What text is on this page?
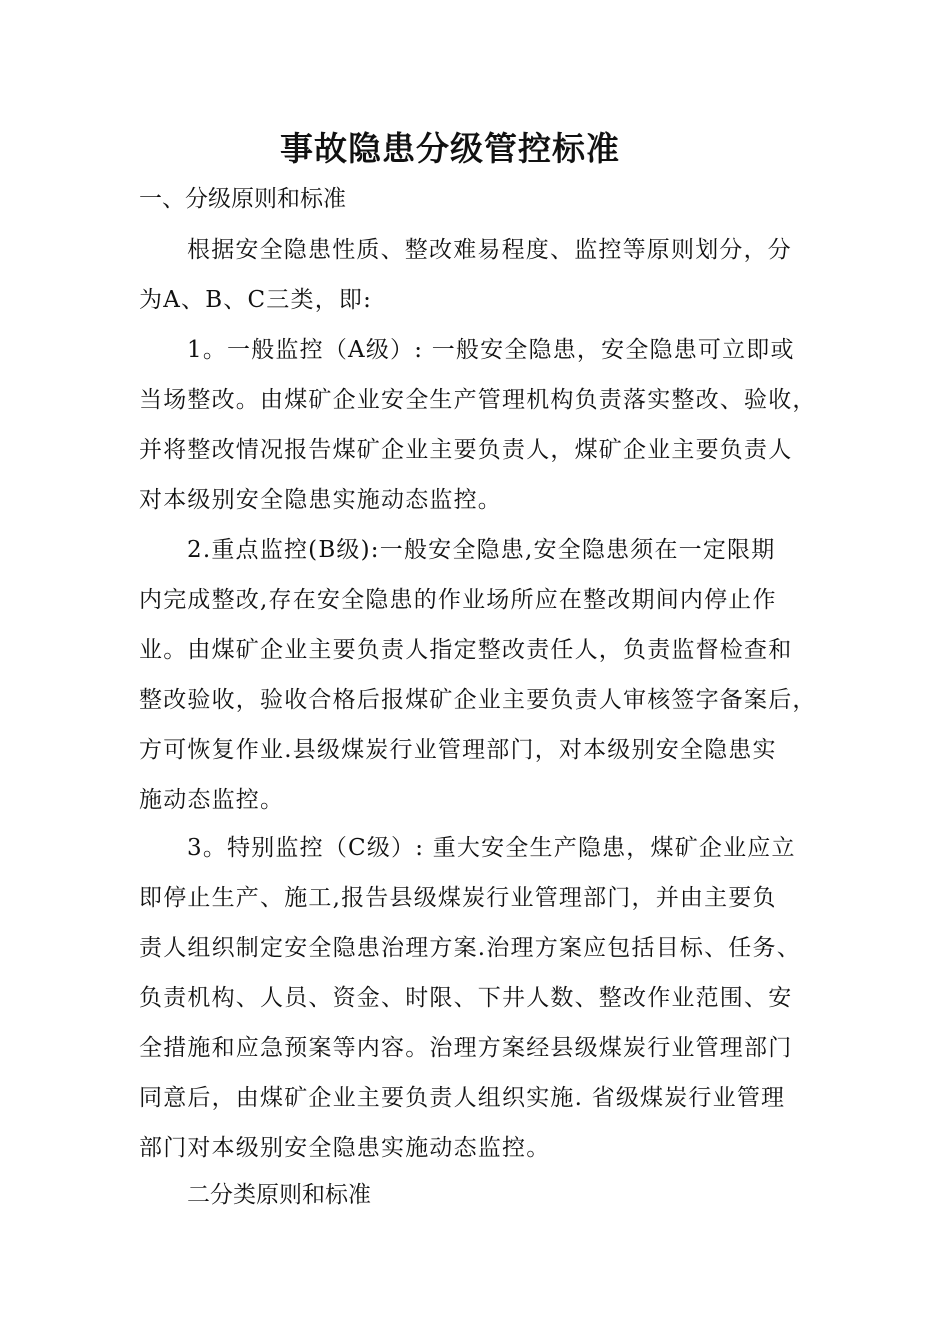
事故隐患分级管控标准

一、分级原则和标准

根据安全隐患性质、整改难易程度、监控等原则划分，分
为A、B、C三类，即:
1。一般监控（A级）: 一般安全隐患，安全隐患可立即或
当场整改。由煤矿企业安全生产管理机构负责落实整改、验收，
并将整改情况报告煤矿企业主要负责人，煤矿企业主要负责人
对本级别安全隐患实施动态监控。
2.重点监控(B级):一般安全隐患,安全隐患须在一定限期
内完成整改,存在安全隐患的作业场所应在整改期间内停止作
业。由煤矿企业主要负责人指定整改责任人，负责监督检查和
整改验收，验收合格后报煤矿企业主要负责人审核签字备案后，
方可恢复作业.县级煤炭行业管理部门，对本级别安全隐患实
施动态监控。
3。特别监控（C级）: 重大安全生产隐患，煤矿企业应立
即停止生产、施工,报告县级煤炭行业管理部门，并由主要负
责人组织制定安全隐患治理方案.治理方案应包括目标、任务、
负责机构、人员、资金、时限、下井人数、整改作业范围、安
全措施和应急预案等内容。治理方案经县级煤炭行业管理部门
同意后，由煤矿企业主要负责人组织实施. 省级煤炭行业管理
部门对本级别安全隐患实施动态监控。

二分类原则和标准
